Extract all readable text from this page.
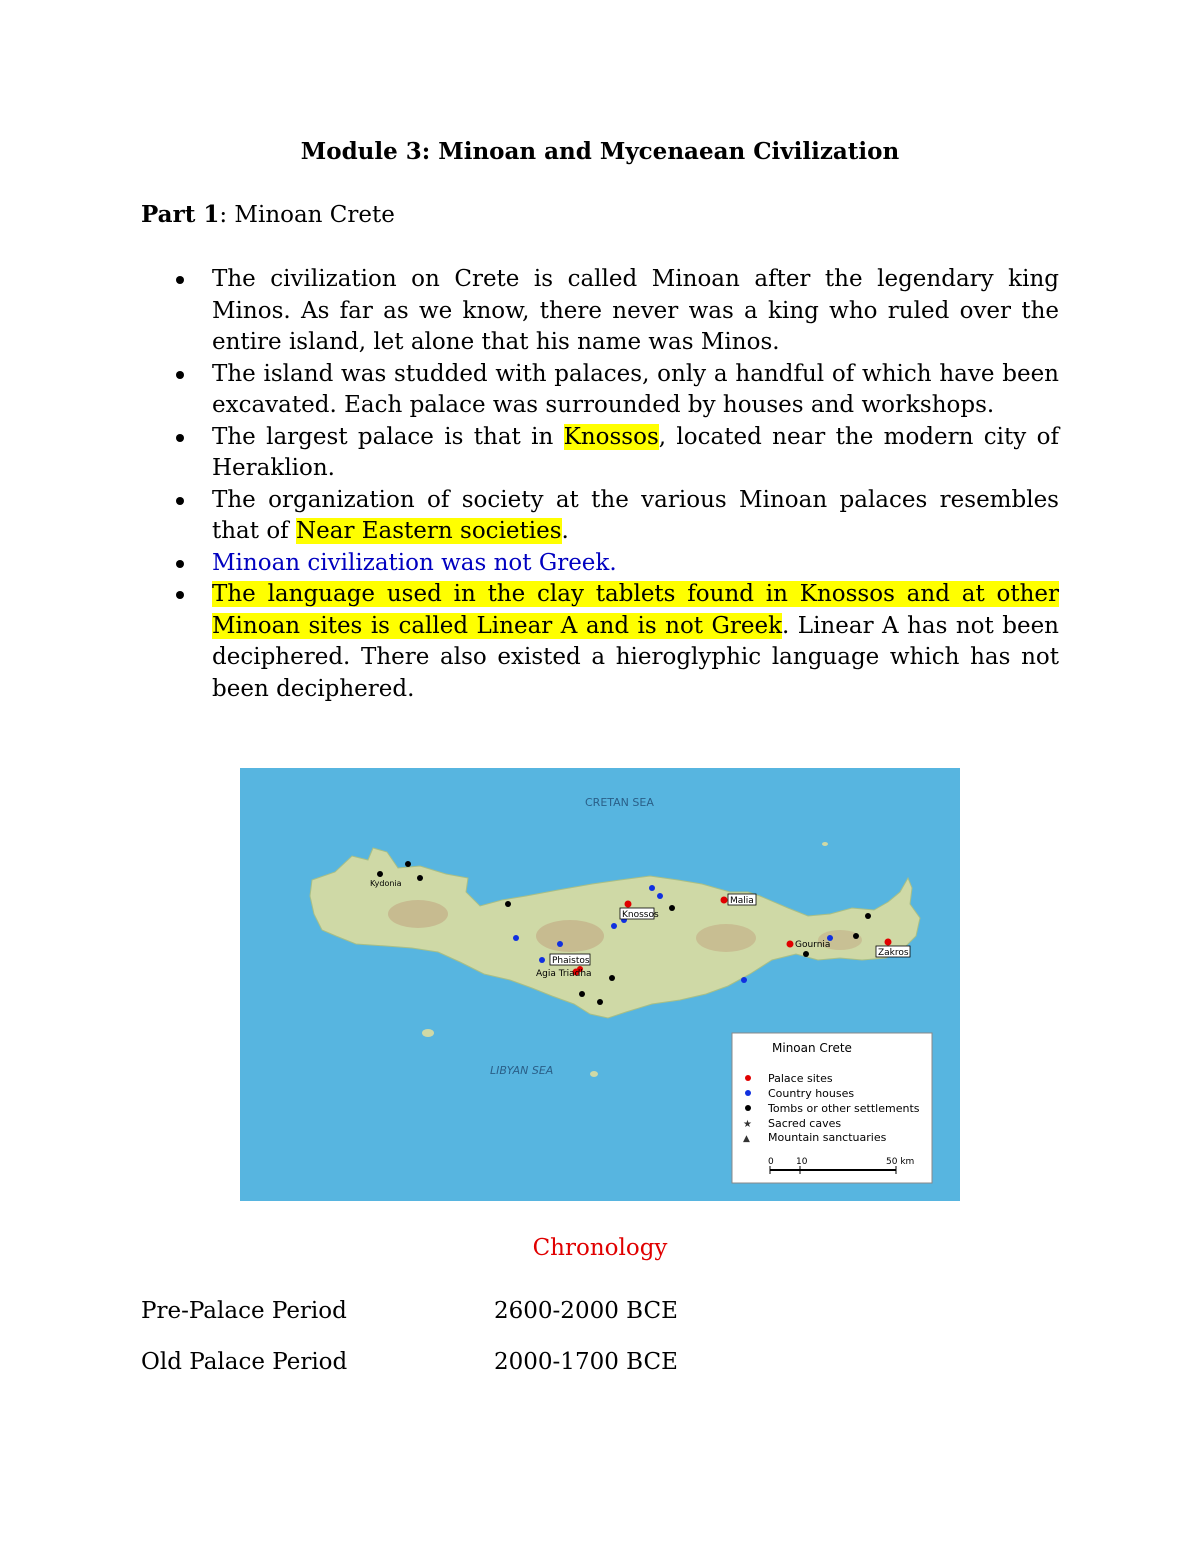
Module 3: Minoan and Mycenaean Civilization
Part 1: Minoan Crete
The civilization on Crete is called Minoan after the legendary king Minos. As far as we know, there never was a king who ruled over the entire island, let alone that his name was Minos.
The island was studded with palaces, only a handful of which have been excavated. Each palace was surrounded by houses and workshops.
The largest palace is that in Knossos, located near the modern city of Heraklion.
The organization of society at the various Minoan palaces resembles that of Near Eastern societies.
Minoan civilization was not Greek.
The language used in the clay tablets found in Knossos and at other Minoan sites is called Linear A and is not Greek. Linear A has not been deciphered. There also existed a hieroglyphic language which has not been deciphered.
CRETAN SEA
LIBYAN SEA
Knossos
Phaistos
Malia
Zakros
Gournia
Agia Triadha
Kydonia
Minoan Crete
Palace sites
Country houses
Tombs or other settlements
★ Sacred caves
▲ Mountain sanctuaries
0 10	50 km
Chronology
Pre-Palace Period	2600-2000 BCE
Old Palace Period	2000-1700 BCE
